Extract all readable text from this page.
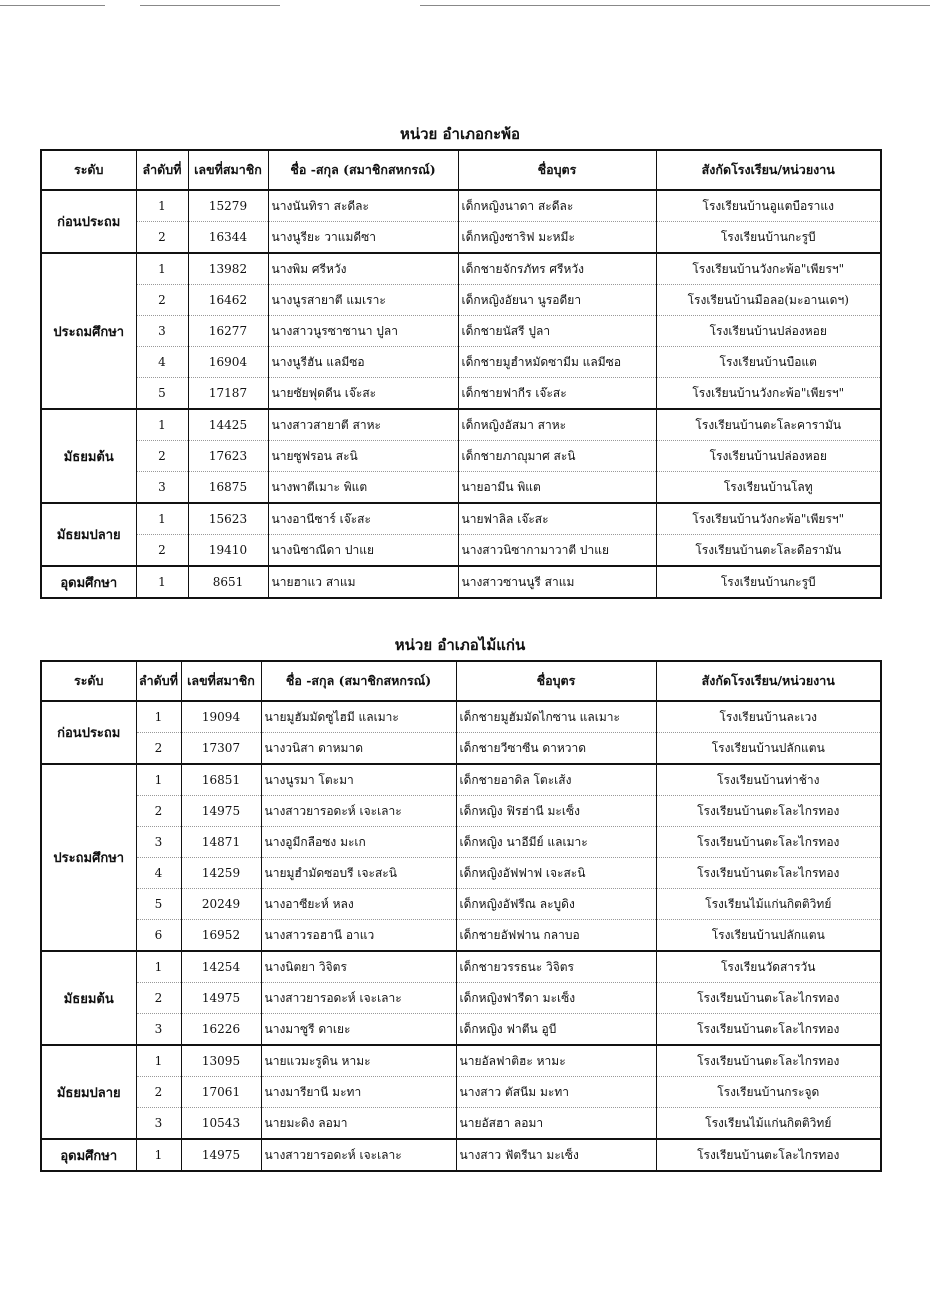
หน่วย อำเภอกะพ้อ
ระดับ	ลำดับที่	เลขที่สมาชิก	ชื่อ -สกุล (สมาชิกสหกรณ์)	ชื่อบุตร	สังกัดโรงเรียน/หน่วยงาน
ก่อนประถม	1	15279	นางนันทิรา สะดีละ	เด็กหญิงนาดา สะดีละ	โรงเรียนบ้านอูแตบือราแง
	2	16344	นางนูรียะ วาแมดีซา	เด็กหญิงซาริฟ มะหมีะ	โรงเรียนบ้านกะรูบี
ประถมศึกษา	1	13982	นางพิม ศรีหวัง	เด็กชายจักรภัทร ศรีหวัง	โรงเรียนบ้านวังกะพ้อ"เพียรฯ"
	2	16462	นางนูรสายาตี แมเราะ	เด็กหญิงอัยนา นูรอดียา	โรงเรียนบ้านมือลอ(มะอานเดฯ)
	3	16277	นางสาวนูรซาซานา ปูลา	เด็กชายนัสรี ปูลา	โรงเรียนบ้านปล่องหอย
	4	16904	นางนูรีฮัน แลมีซอ	เด็กชายมูฮำหมัดซามีม แลมีซอ	โรงเรียนบ้านบือแต
	5	17187	นายซัยฟุดดีน เจ๊ะสะ	เด็กชายฟากีร เจ๊ะสะ	โรงเรียนบ้านวังกะพ้อ"เพียรฯ"
มัธยมต้น	1	14425	นางสาวสายาตี สาหะ	เด็กหญิงอัสมา สาหะ	โรงเรียนบ้านตะโละคารามัน
	2	17623	นายซูฟรอน สะนิ	เด็กชายภาญุมาศ สะนิ	โรงเรียนบ้านปล่องหอย
	3	16875	นางพาตีเมาะ พิแต	นายอามีน พิแต	โรงเรียนบ้านโลทู
มัธยมปลาย	1	15623	นางอานีซาร์ เจ๊ะสะ	นายฟาลิล เจ๊ะสะ	โรงเรียนบ้านวังกะพ้อ"เพียรฯ"
	2	19410	นางนิซาณีดา ปาแย	นางสาวนิซากามาวาตี ปาแย	โรงเรียนบ้านตะโละดือรามัน
อุดมศึกษา	1	8651	นายฮาแว สาแม	นางสาวซานนูรี สาแม	โรงเรียนบ้านกะรูบี
หน่วย อำเภอไม้แก่น
ระดับ	ลำดับที่	เลขที่สมาชิก	ชื่อ -สกุล (สมาชิกสหกรณ์)	ชื่อบุตร	สังกัดโรงเรียน/หน่วยงาน
ก่อนประถม	1	19094	นายมูฮัมมัดซูไฮมี แลเมาะ	เด็กชายมูฮัมมัดไกซาน แลเมาะ	โรงเรียนบ้านละเวง
	2	17307	นางวนิสา ดาหมาด	เด็กชายวีซาซีน ดาหวาด	โรงเรียนบ้านปลักแตน
ประถมศึกษา	1	16851	นางนูรมา โตะมา	เด็กชายอาดิล โตะเส้ง	โรงเรียนบ้านท่าช้าง
	2	14975	นางสาวยารอดะห์ เจะเลาะ	เด็กหญิง ฟิรฮ่านี มะเซ็ง	โรงเรียนบ้านตะโละไกรทอง
	3	14871	นางอูมีกลือซง มะเก	เด็กหญิง นาอีมีย์ แลเมาะ	โรงเรียนบ้านตะโละไกรทอง
	4	14259	นายมูฮำมัดซอบรี เจะสะนิ	เด็กหญิงอัฟฟาฟ เจะสะนิ	โรงเรียนบ้านตะโละไกรทอง
	5	20249	นางอาซียะห์ หลง	เด็กหญิงอัฟรีณ ละบูดิง	โรงเรียนไม้แก่นกิตติวิทย์
	6	16952	นางสาวรอฮานี อาแว	เด็กชายอัฟฟาน กลาบอ	โรงเรียนบ้านปลักแตน
มัธยมต้น	1	14254	นางนิตยา วิจิตร	เด็กชายวรรธนะ วิจิตร	โรงเรียนวัดสารวัน
	2	14975	นางสาวยารอดะห์ เจะเลาะ	เด็กหญิงฟารีดา มะเซ็ง	โรงเรียนบ้านตะโละไกรทอง
	3	16226	นางมาซูรี ดาเยะ	เด็กหญิง ฟาตีน อูบี	โรงเรียนบ้านตะโละไกรทอง
มัธยมปลาย	1	13095	นายแวมะรูดิน หามะ	นายอัลฟาติฮะ หามะ	โรงเรียนบ้านตะโละไกรทอง
	2	17061	นางมารียานี มะทา	นางสาว ตัสนีม มะทา	โรงเรียนบ้านกระจูด
	3	10543	นายมะดิง ลอมา	นายอัสฮา ลอมา	โรงเรียนไม้แก่นกิตติวิทย์
อุดมศึกษา	1	14975	นางสาวยารอดะห์ เจะเลาะ	นางสาว ฟัตรีนา มะเซ็ง	โรงเรียนบ้านตะโละไกรทอง
